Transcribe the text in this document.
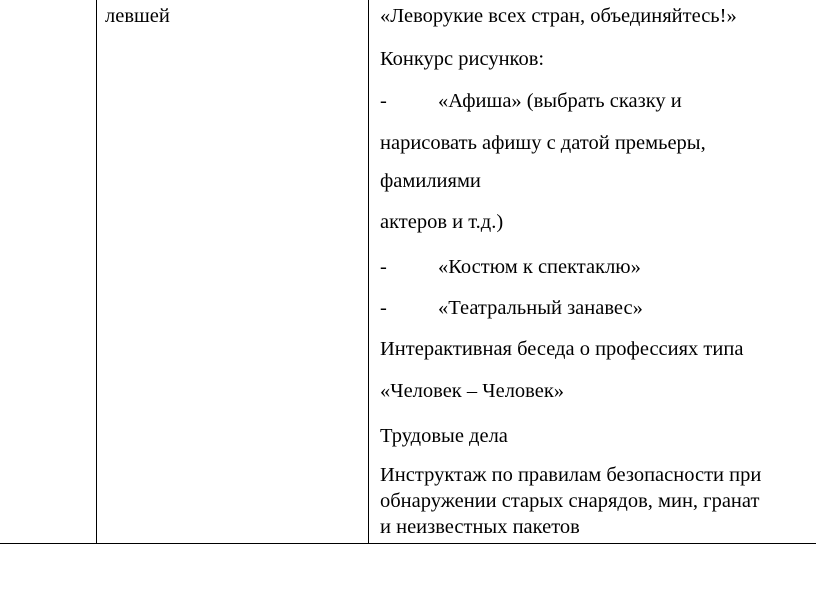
левшей	«Леворукие всех стран, объединяйтесь!»
Конкурс рисунков:
- «Афиша» (выбрать сказку и
нарисовать афишу с датой премьеры,
фамилиями
актеров и т.д.)
- «Костюм к спектаклю»
- «Театральный занавес»
Интерактивная беседа о профессиях типа
«Человек – Человек»
Трудовые дела
Инструктаж по правилам безопасности при
обнаружении старых снарядов, мин, гранат
и неизвестных пакетов
